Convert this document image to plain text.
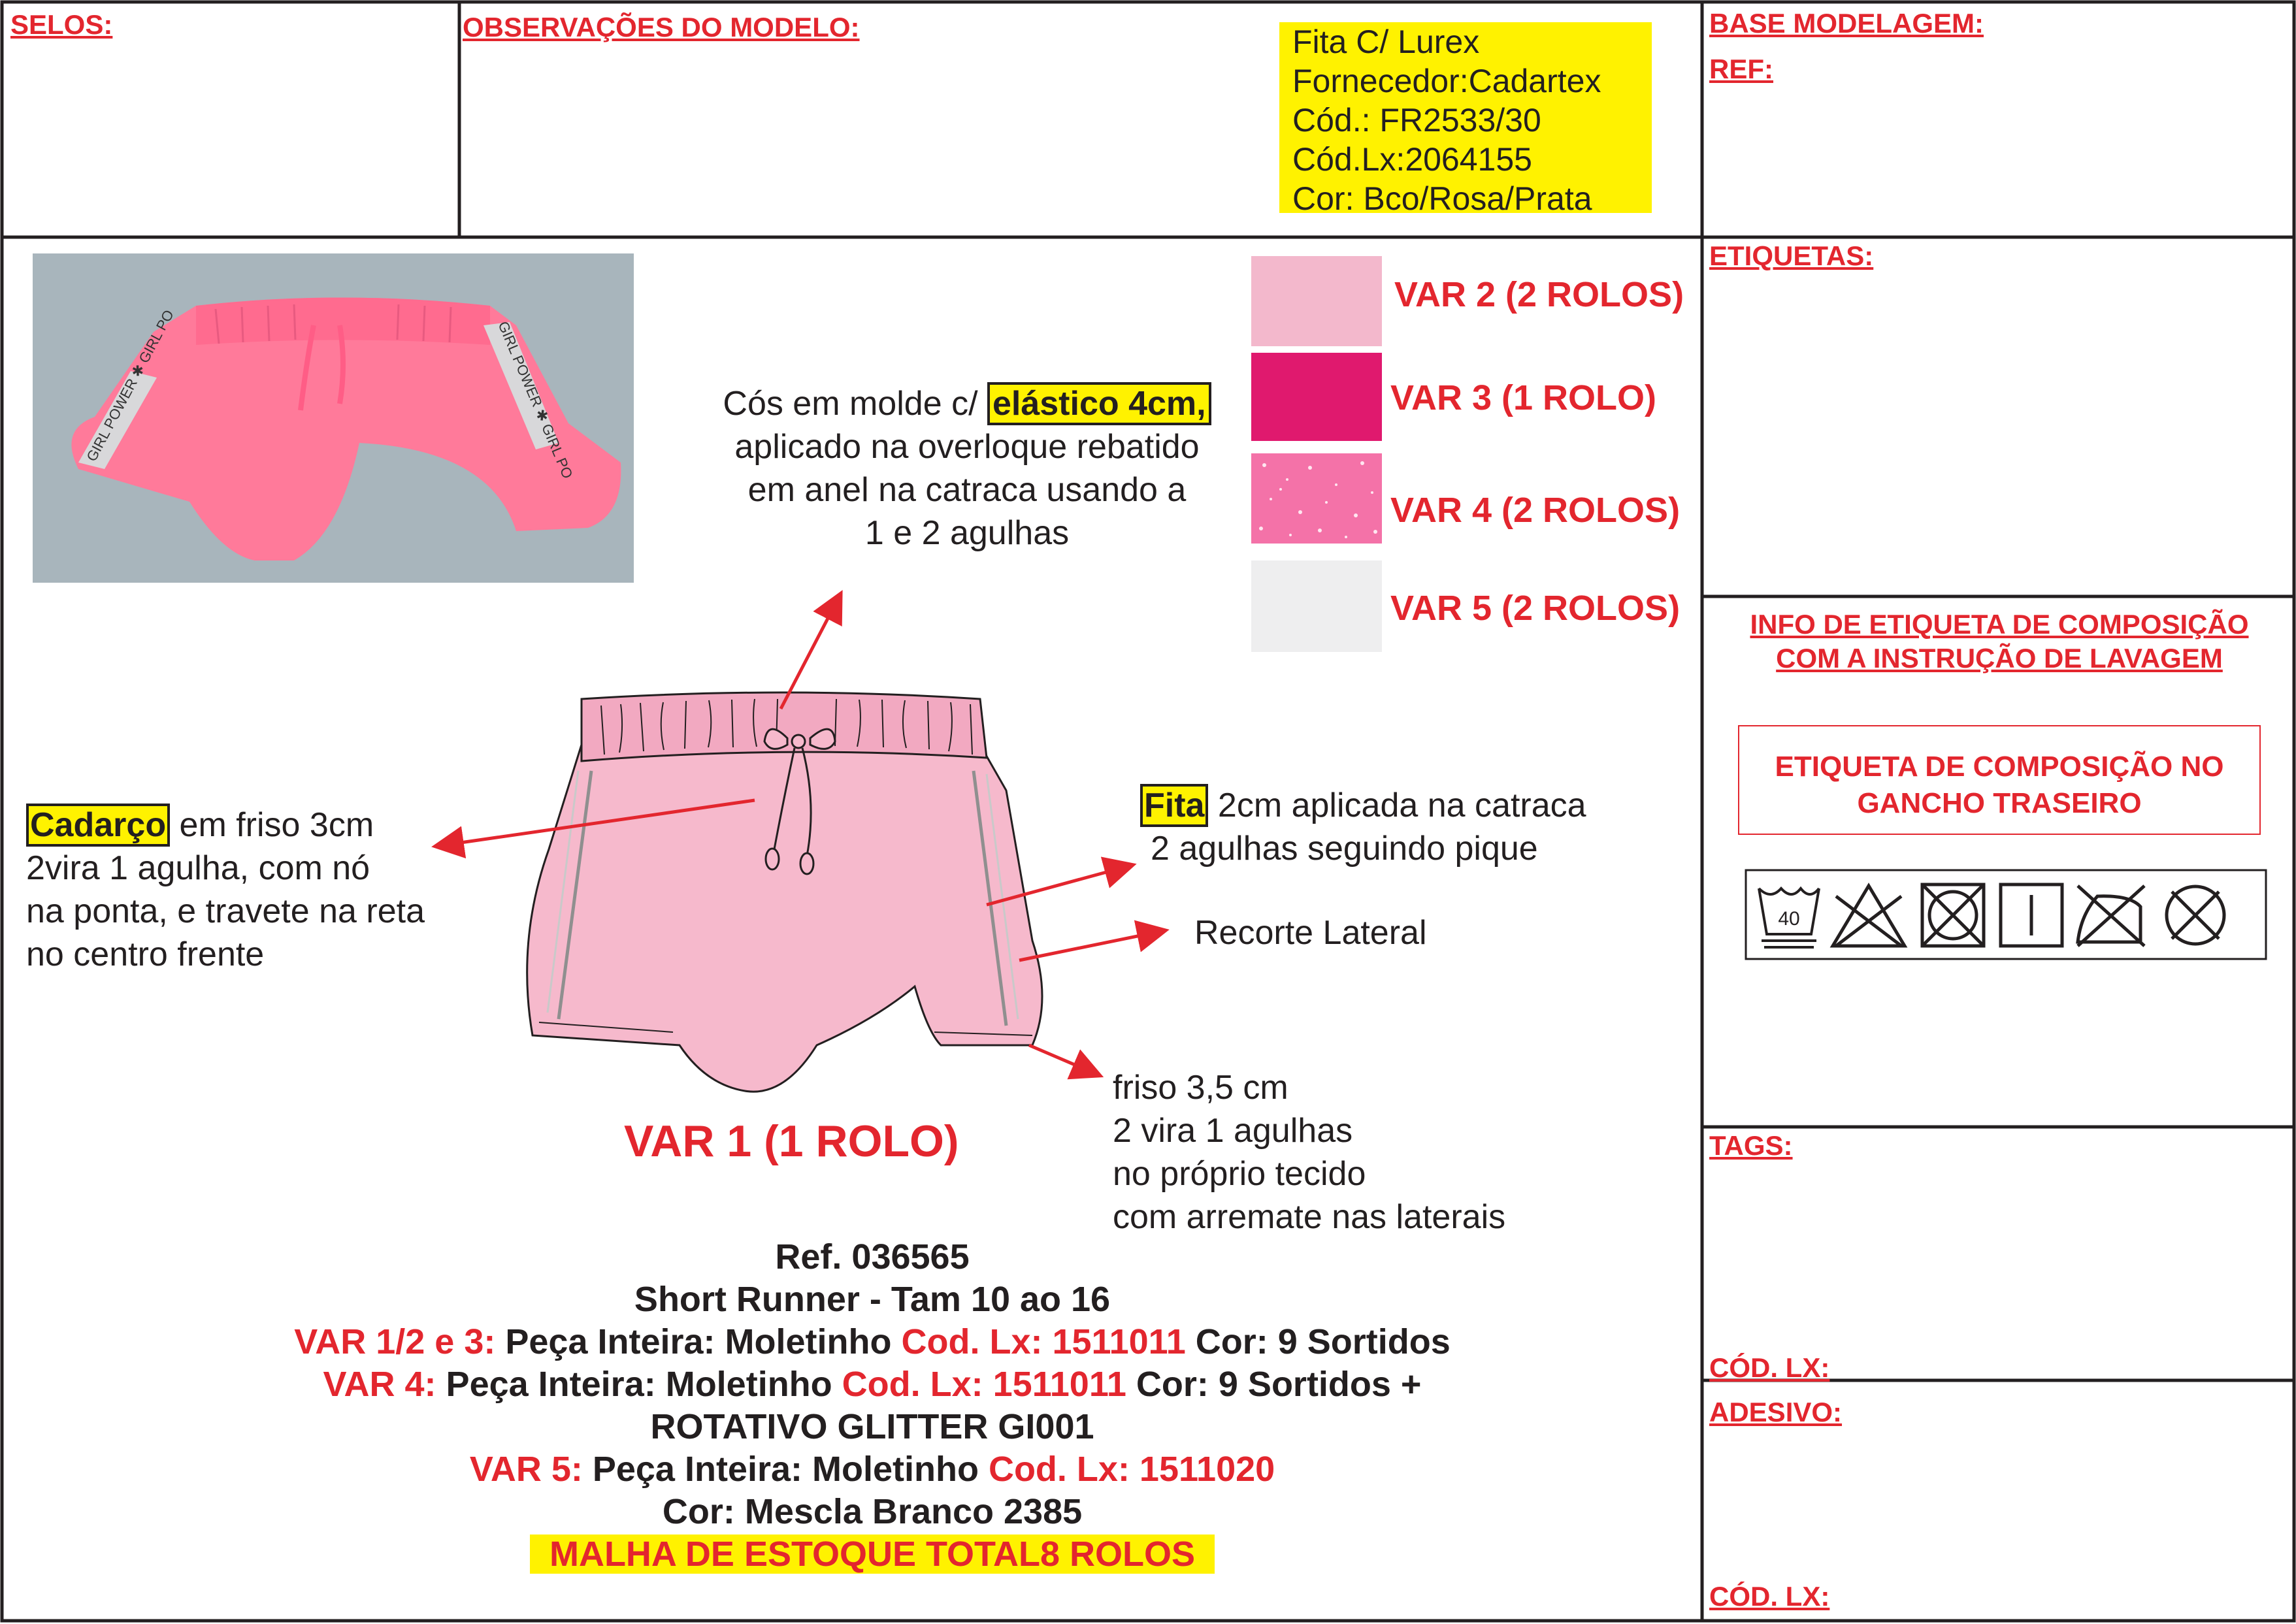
SELOS:	OBSERVAÇÕES DO MODELO:	Fita C/ Lurex
Fornecedor:Cadartex
Cód.: FR2533/30
Cód.Lx:2064155
Cor: Bco/Rosa/Prata
BASE MODELAGEM:
REF:
ETIQUETAS:
INFO DE ETIQUETA DE COMPOSIÇÃO
COM A INSTRUÇÃO DE LAVAGEM
ETIQUETA DE COMPOSIÇÃO NO
GANCHO TRASEIRO
40
TAGS:
CÓD. LX:
ADESIVO:
CÓD. LX:
GIRL POWER ✱ GIRL PO	GIRL POWER ✱ GIRL PO
VAR 2 (2 ROLOS)
VAR 3 (1 ROLO)
VAR 4 (2 ROLOS)
VAR 5 (2 ROLOS)
Cós em molde c/ elástico 4cm,
aplicado na overloque rebatido
em anel na catraca usando a
1 e 2 agulhas
Cadarço em friso 3cm
2vira 1 agulha, com nó
na ponta, e travete na reta
no centro frente
Fita 2cm aplicada na catraca
2 agulhas seguindo pique
Recorte Lateral
friso 3,5 cm
2 vira 1 agulhas
no próprio tecido
com arremate nas laterais
VAR 1 (1 ROLO)
Ref. 036565
Short Runner - Tam 10 ao 16
VAR 1/2 e 3: Peça Inteira: Moletinho Cod. Lx: 1511011 Cor: 9 Sortidos
VAR 4: Peça Inteira: Moletinho Cod. Lx: 1511011 Cor: 9 Sortidos +
ROTATIVO GLITTER GI001
VAR 5: Peça Inteira: Moletinho Cod. Lx: 1511020
Cor: Mescla Branco 2385
MALHA DE ESTOQUE TOTAL8 ROLOS
